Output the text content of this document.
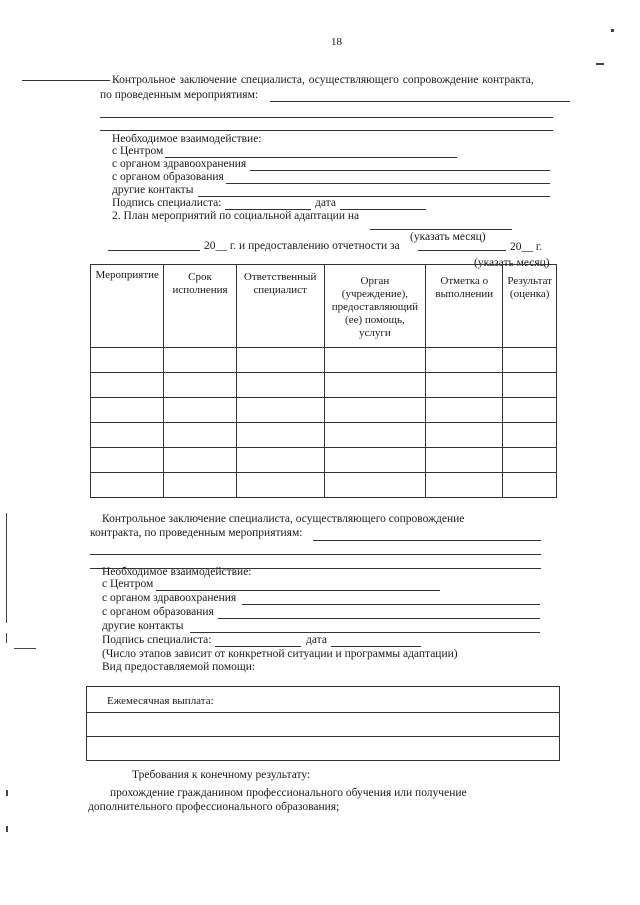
18
Контрольное заключение специалиста, осуществляющего сопровождение контракта,
по проведенным мероприятиям:
Необходимое взаимодействие:
с Центром
с органом здравоохранения
с органом образования
другие контакты
Подпись специалиста:	дата
2. План мероприятий по социальной адаптации на
(указать месяц)
20__ г. и предоставлению отчетности за	20__ г.
(указать месяц)
Мероприятие	Срок исполнения	Ответственный специалист	Орган (учреждение), предоставляющий (ее) помощь, услуги	Отметка о выполнении	Результат (оценка)

Контрольное заключение специалиста, осуществляющего сопровождение
контракта, по проведенным мероприятиям:
Необходимое взаимодействие:
с Центром
с органом здравоохранения
с органом образования
другие контакты
Подпись специалиста:	дата
(Число этапов зависит от конкретной ситуации и программы адаптации)
Вид предоставляемой помощи:
Ежемесячная выплата:

Требования к конечному результату:
прохождение гражданином профессионального обучения или получение
дополнительного профессионального образования;
